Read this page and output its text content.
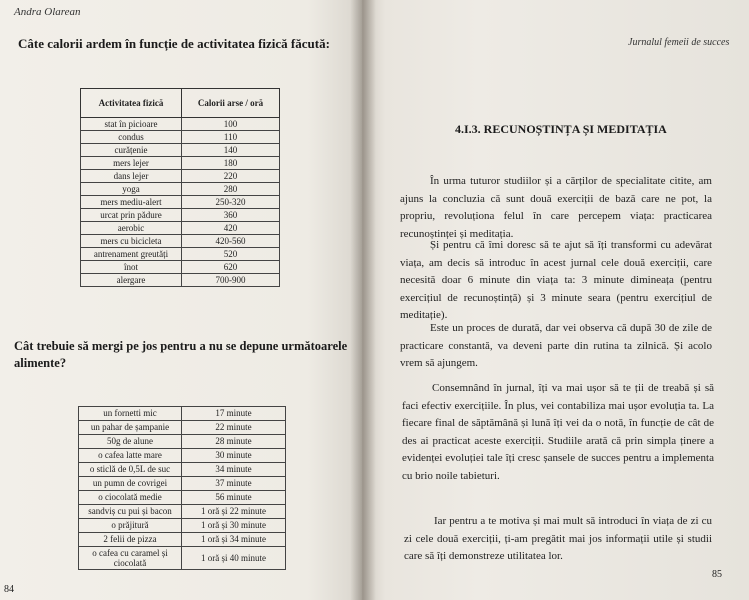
Andra Olarean
Câte calorii ardem în funcție de activitatea fizică făcută:
Activitatea fizică	Calorii arse / oră
stat în picioare	100
condus	110
curățenie	140
mers lejer	180
dans lejer	220
yoga	280
mers mediu-alert	250-320
urcat prin pădure	360
aerobic	420
mers cu bicicleta	420-560
antrenament greutăți	520
înot	620
alergare	700-900
Cât trebuie să mergi pe jos pentru a nu se depune următoarele alimente?
un fornetti mic	17 minute
un pahar de șampanie	22 minute
50g de alune	28 minute
o cafea latte mare	30 minute
o sticlă de 0,5L de suc	34 minute
un pumn de covrigei	37 minute
o ciocolată medie	56 minute
sandviș cu pui și bacon	1 oră și 22 minute
o prăjitură	1 oră și 30 minute
2 felii de pizza	1 oră și 34 minute
o cafea cu caramel și ciocolată	1 oră și 40 minute
84
Jurnalul femeii de succes
4.I.3. RECUNOȘTINȚA ȘI MEDITAȚIA
În urma tuturor studiilor și a cărților de specialitate citite, am ajuns la concluzia că sunt două exerciții de bază care ne pot, la propriu, revoluționa felul în care percepem viața: practicarea recunoștinței și meditația.
Și pentru că îmi doresc să te ajut să îți transformi cu adevărat viața, am decis să introduc în acest jurnal cele două exerciții, care necesită doar 6 minute din viața ta: 3 minute dimineața (pentru exercițiul de recunoștință) și 3 minute seara (pentru exercițiul de meditație).
Este un proces de durată, dar vei observa că după 30 de zile de practicare constantă, va deveni parte din rutina ta zilnică. Și acolo vrem să ajungem.
Consemnând în jurnal, îți va mai ușor să te ții de treabă și să faci efectiv exercițiile. În plus, vei contabiliza mai ușor evoluția ta. La fiecare final de săptămână și lună îți vei da o notă, în funcție de cât de des ai practicat aceste exerciții. Studiile arată că prin simpla ținere a evidenței evoluției tale îți cresc șansele de succes pentru a implementa cu brio noile tabieturi.
Iar pentru a te motiva și mai mult să introduci în viața de zi cu zi cele două exerciții, ți-am pregătit mai jos informații utile și studii care să îți demonstreze utilitatea lor.
85
